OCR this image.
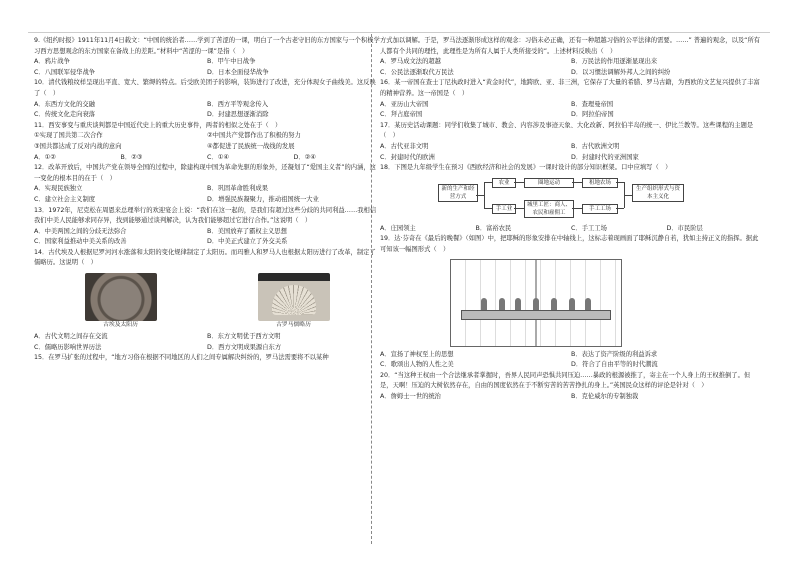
9.《纽约时报》1911年11月4日载文：“中国的统治者……学到了苦涩的一课，明白了一个古老守旧的东方国家与一个积极学习西方思想观念的东方国家在备战上的差距。”材料中“苦涩的一课”是指（　）
A．鸦片战争	B．甲午中日战争
C．八国联军侵华战争	D．日本全面侵华战争
10．清代钱粮纹样呈现出平直、宽大、繁缛的特点。后受欧美团子的影响，装饰进行了改进，充分体现女子曲线美。这反映了（　）
A．东西方文化的交融	B．西方平等观念传入
C．传统文化走向衰落	D．封建思想逐渐消除
11．西安事变与重庆谈判都是中国近代史上的重大历史事件，两者的相似之处在于（　）
①实现了国共第二次合作	②中国共产党都作出了积极的努力
③国共都达成了反对内战的意向	④都促进了民族统一战线的发展
A．①②	B．②③	C．①④	D．②④
12．改革开放后，中国共产党在领导全国的过程中，除建构现中国为革命先驱的形象外，还凝划了“爱国主义者”的内涵，这一变化的根本目的在于（　）
A．实现民族独立	B．巩固革命胜利成果
C．建立社会主义制度	D．增强民族凝聚力，推动祖国统一大业
13．1972年，尼克松在周恩来总理举行的欢迎宴会上说：“我们在这一起的，是我们有超过这些分歧的共同利益……我相信我们中美人民能够求同存异，找到能够通过谈判解决，认为我们能够超过它进行合作。”这说明（　）
A．中美两国之间的分歧无法弥合	B．美国放弃了霸权主义思想
C．国家利益推动中美关系的改善	D．中美正式建立了外交关系
14．古代埃及人根据尼罗河河水涨落和太阳的变化规律制定了太阳历。而玛雅人和罗马人也根据太阳历进行了改革，制定了儒略历。这说明（　）
古埃及太阳历	古罗马儒略历
A．古代文明之间存在交流	B．东方文明优于西方文明
C．儒略历影响世界历法	D．西方文明成果源自东方
15．在罗马扩张的过程中，“地方习俗在根据不同地区的人们之间专属解决纠纷的，罗马法需要将不以某种
方式加以调解。于是，罗马法逐渐形成这样的观念：习俗未必正确，还有一种超越习俗的公平法律的需要。……” 普遍的观念，以及“所有人都有个共同的理性，此理性是为所有人属于人类所接受的”。上述材料反映出（　）
A．罗马成文法的超越	B．万民法的作用逐渐显现出来
C．公民法逐渐取代万民法	D．以习惯法调解外邦人之间的纠纷
16．某一帝国在查士丁尼执政时进入“黄金时代”，地跨欧、亚、非三洲，它保存了大量的希腊、罗马古籍，为西欧的文艺复兴提供了丰富的精神营养。这一帝国是（　）
A．亚历山大帝国	B．查理曼帝国
C．拜占庭帝国	D．阿拉伯帝国
17．某历史活动课题：同学们收集了城市、教会、内容涉及事迹天象、大化改新、阿拉伯半岛的统一、伊比兰教等。这些课程的主题是（　）
A．古代亚非文明	B．古代欧洲文明
C．封建时代的欧洲	D．封建时代的亚洲国家
18．下图是九年级学生在预习《西欧经济和社会的发展》一课时设计的部分知识框架。口中应填写（　）
新的生产和经营方式
农业
手工业
圈地运动
城里工匠：商人、农民和雇佣工
租地农场
手工工场
生产组织形式与资本主义化
A．庄园领主	B．富裕农民	C．手工工场	D．市民阶层
19．达·芬奇在《最后的晚餐》（如图）中，把耶稣的形象安排在中轴线上，这标志着现画面了耶稣沉静自若，犹如主持正义的指挥。据此可知该一幅图形式（　）
A．宣扬了神权至上的思想	B．表达了资产阶级的利益诉求
C．歌颂出人物的人性之美	D．符合了自由平等的时代潮流
20．“当这种王权由一个合法继承者掌握时，吾界人民同声恐惧共同压迫……暴政的根源被推了，寄主在一个人身上的王权推倒了。但是，天啊！压迫的大树依然存在，自由的国度依然在于不断穷苦的苦苦挣扎的身上。”英国民众这样的评论是针对（　）
A．詹姆士一世的统治	B．克伦威尔的专制独裁
